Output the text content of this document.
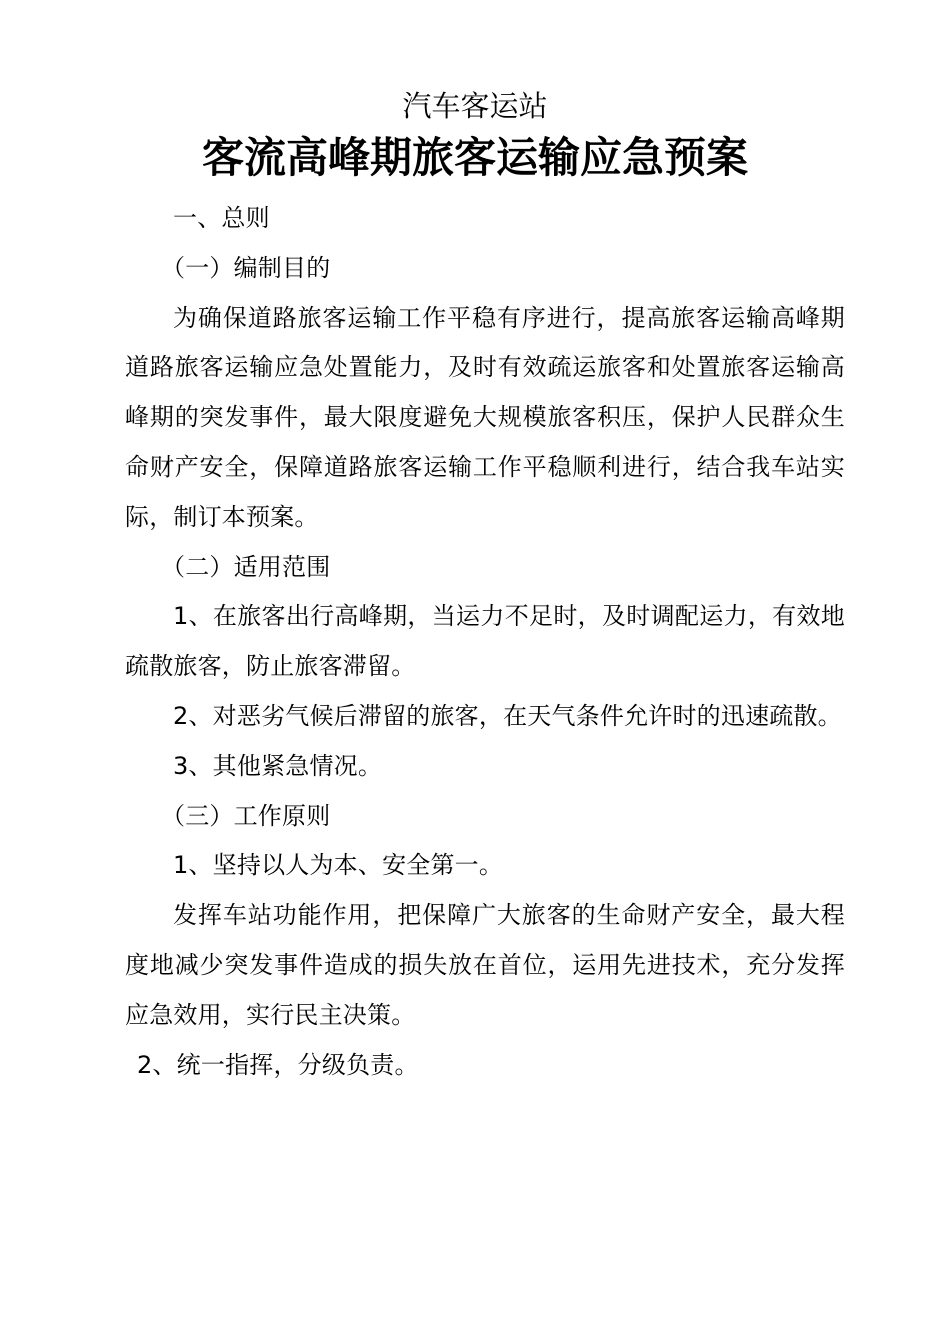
汽车客运站
客流高峰期旅客运输应急预案

一、总则

（一）编制目的

为确保道路旅客运输工作平稳有序进行，提高旅客运输高峰期道路旅客运输应急处置能力，及时有效疏运旅客和处置旅客运输高峰期的突发事件，最大限度避免大规模旅客积压，保护人民群众生命财产安全，保障道路旅客运输工作平稳顺利进行，结合我车站实际，制订本预案。

（二）适用范围

1、在旅客出行高峰期，当运力不足时，及时调配运力，有效地疏散旅客，防止旅客滞留。

2、对恶劣气候后滞留的旅客，在天气条件允许时的迅速疏散。

3、其他紧急情况。

（三）工作原则

1、坚持以人为本、安全第一。

发挥车站功能作用，把保障广大旅客的生命财产安全，最大程度地减少突发事件造成的损失放在首位，运用先进技术，充分发挥应急效用，实行民主决策。

2、统一指挥，分级负责。
